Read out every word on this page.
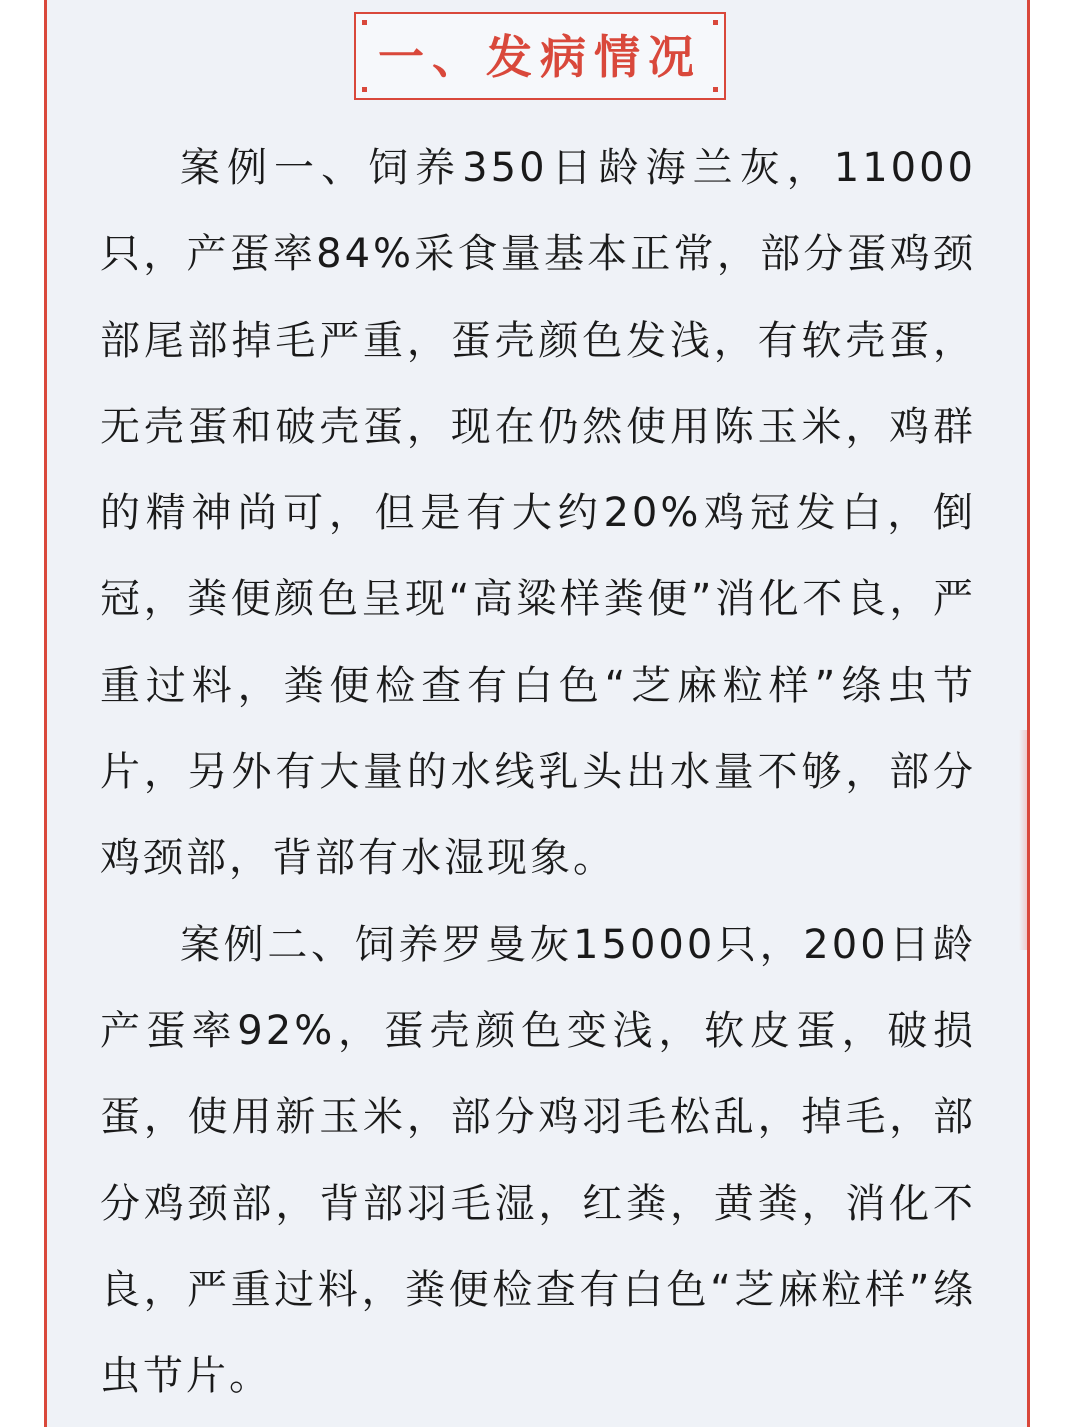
一、发病情况

案例一、饲养350日龄海兰灰，11000只，产蛋率84%采食量基本正常，部分蛋鸡颈部尾部掉毛严重，蛋壳颜色发浅，有软壳蛋，无壳蛋和破壳蛋，现在仍然使用陈玉米，鸡群的精神尚可，但是有大约20%鸡冠发白，倒冠，粪便颜色呈现“高粱样粪便”消化不良，严重过料，粪便检查有白色“芝麻粒样”绦虫节片，另外有大量的水线乳头出水量不够，部分鸡颈部，背部有水湿现象。

案例二、饲养罗曼灰15000只，200日龄产蛋率92%，蛋壳颜色变浅，软皮蛋，破损蛋，使用新玉米，部分鸡羽毛松乱，掉毛，部分鸡颈部，背部羽毛湿，红粪，黄粪，消化不良，严重过料，粪便检查有白色“芝麻粒样”绦虫节片。
